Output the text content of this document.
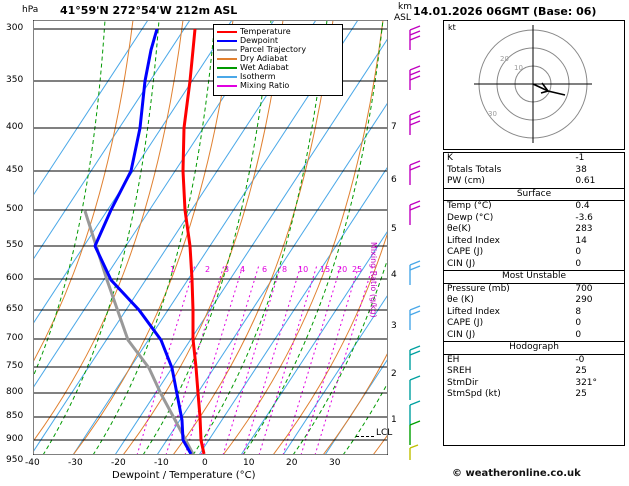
hPa 41°59'N 272°54'W 212m ASL	km
ASL 14.01.2026 06GMT (Base: 06)
Temperature
Dewpoint
Parcel Trajectory
Dry Adiabat
Wet Adiabat
Isotherm
Mixing Ratio
300
350
400
450
500
550
600
650
700
750
800
850
900
950
1
2
3
4
5
6
7
Mixing Ratio (g/kg)
1	2 3 4 6 8 10 15 20 25
LCL
-40	-30	-20	-10	0	10	20	30
Dewpoint / Temperature (°C)
kt
10
20
30
K	-1
Totals Totals	38
PW (cm)	0.61
Surface	
Temp (°C)	0.4
Dewp (°C)	-3.6
θe(K)	283
Lifted Index	14
CAPE (J)	0
CIN (J)	0
Most Unstable	
Pressure (mb)	700
θe (K)	290
Lifted Index	8
CAPE (J)	0
CIN (J)	0
Hodograph	
EH	-0
SREH	25
StmDir	321°
StmSpd (kt)	25
© weatheronline.co.uk
